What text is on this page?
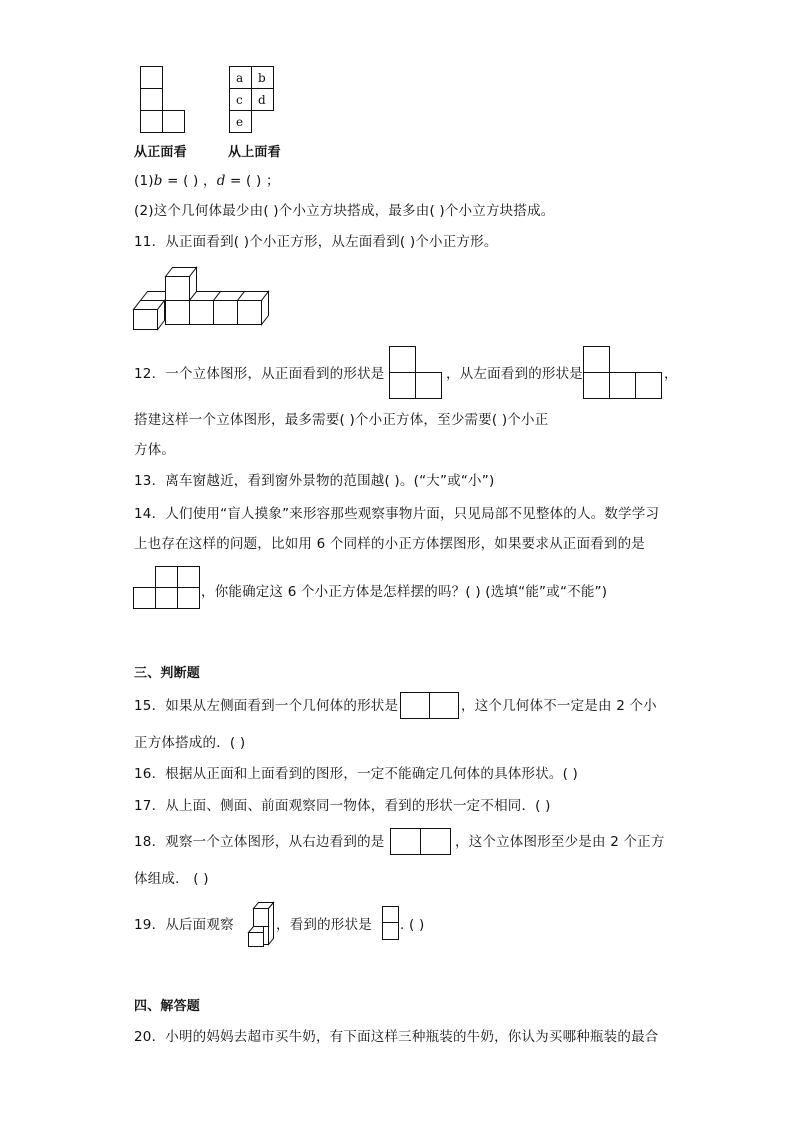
a b
c d
e
从正面看	从上面看
(1)b = ( ) ，d = ( ) ；
(2)这个几何体最少由( )个小立方块搭成，最多由( )个小立方块搭成。
11．从正面看到( )个小正方形，从左面看到( )个小正方形。
12．一个立体图形，从正面看到的形状是	，从左面看到的形状是	，
搭建这样一个立体图形，最多需要( )个小正方体，至少需要( )个小正
方体。
13．离车窗越近，看到窗外景物的范围越( )。(“大”或“小”)
14．人们使用“盲人摸象”来形容那些观察事物片面，只见局部不见整体的人。数学学习
上也存在这样的问题，比如用 6 个同样的小正方体摆图形，如果要求从正面看到的是
，你能确定这 6 个小正方体是怎样摆的吗？( ) (选填“能”或“不能”)
三、判断题
15．如果从左侧面看到一个几何体的形状是	，这个几何体不一定是由 2 个小
正方体搭成的．( )
16．根据从正面和上面看到的图形，一定不能确定几何体的具体形状。( )
17．从上面、侧面、前面观察同一物体，看到的形状一定不相同．( )
18．观察一个立体图形，从右边看到的是	，这个立体图形至少是由 2 个正方
体组成． ( )
19．从后面观察	，看到的形状是 . ( )
四、解答题
20．小明的妈妈去超市买牛奶，有下面这样三种瓶装的牛奶，你认为买哪种瓶装的最合
